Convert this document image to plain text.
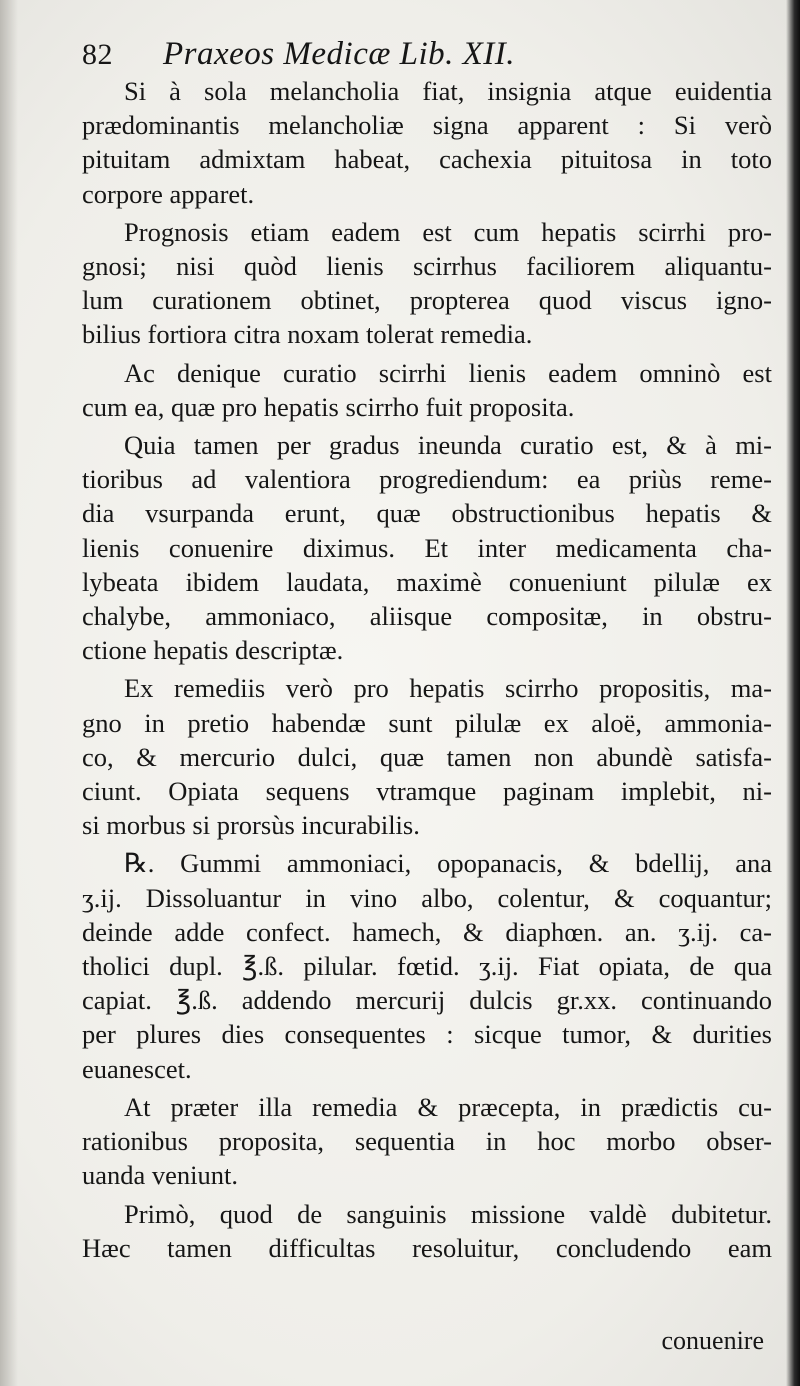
82 Praxeos Medicæ Lib. XII.
Si à sola melancholia fiat, insignia atque euidentia
prædominantis melancholiæ signa apparent : Si verò
pituitam admixtam habeat, cachexia pituitosa in toto
corpore apparet.
Prognosis etiam eadem est cum hepatis scirrhi pro-
gnosi; nisi quòd lienis scirrhus faciliorem aliquantu-
lum curationem obtinet, propterea quod viscus igno-
bilius fortiora citra noxam tolerat remedia.
Ac denique curatio scirrhi lienis eadem omninò est
cum ea, quæ pro hepatis scirrho fuit proposita.
Quia tamen per gradus ineunda curatio est, & à mi-
tioribus ad valentiora progrediendum: ea priùs reme-
dia vsurpanda erunt, quæ obstructionibus hepatis &
lienis conuenire diximus. Et inter medicamenta cha-
lybeata ibidem laudata, maximè conueniunt pilulæ ex
chalybe, ammoniaco, aliisque compositæ, in obstru-
ctione hepatis descriptæ.
Ex remediis verò pro hepatis scirrho propositis, ma-
gno in pretio habendæ sunt pilulæ ex aloë, ammonia-
co, & mercurio dulci, quæ tamen non abundè satisfa-
ciunt. Opiata sequens vtramque paginam implebit, ni-
si morbus si prorsùs incurabilis.
℞. Gummi ammoniaci, opopanacis, & bdellij, ana
ʒ.ij. Dissoluantur in vino albo, colentur, & coquantur;
deinde adde confect. hamech, & diaphœn. an. ʒ.ij. ca-
tholici dupl. ℥.ß. pilular. fœtid. ʒ.ij. Fiat opiata, de qua
capiat. ℥.ß. addendo mercurij dulcis gr.xx. continuando
per plures dies consequentes : sicque tumor, & durities
euanescet.
At præter illa remedia & præcepta, in prædictis cu-
rationibus proposita, sequentia in hoc morbo obser-
uanda veniunt.
Primò, quod de sanguinis missione valdè dubitetur.
Hæc tamen difficultas resoluitur, concludendo eam
conuenire
